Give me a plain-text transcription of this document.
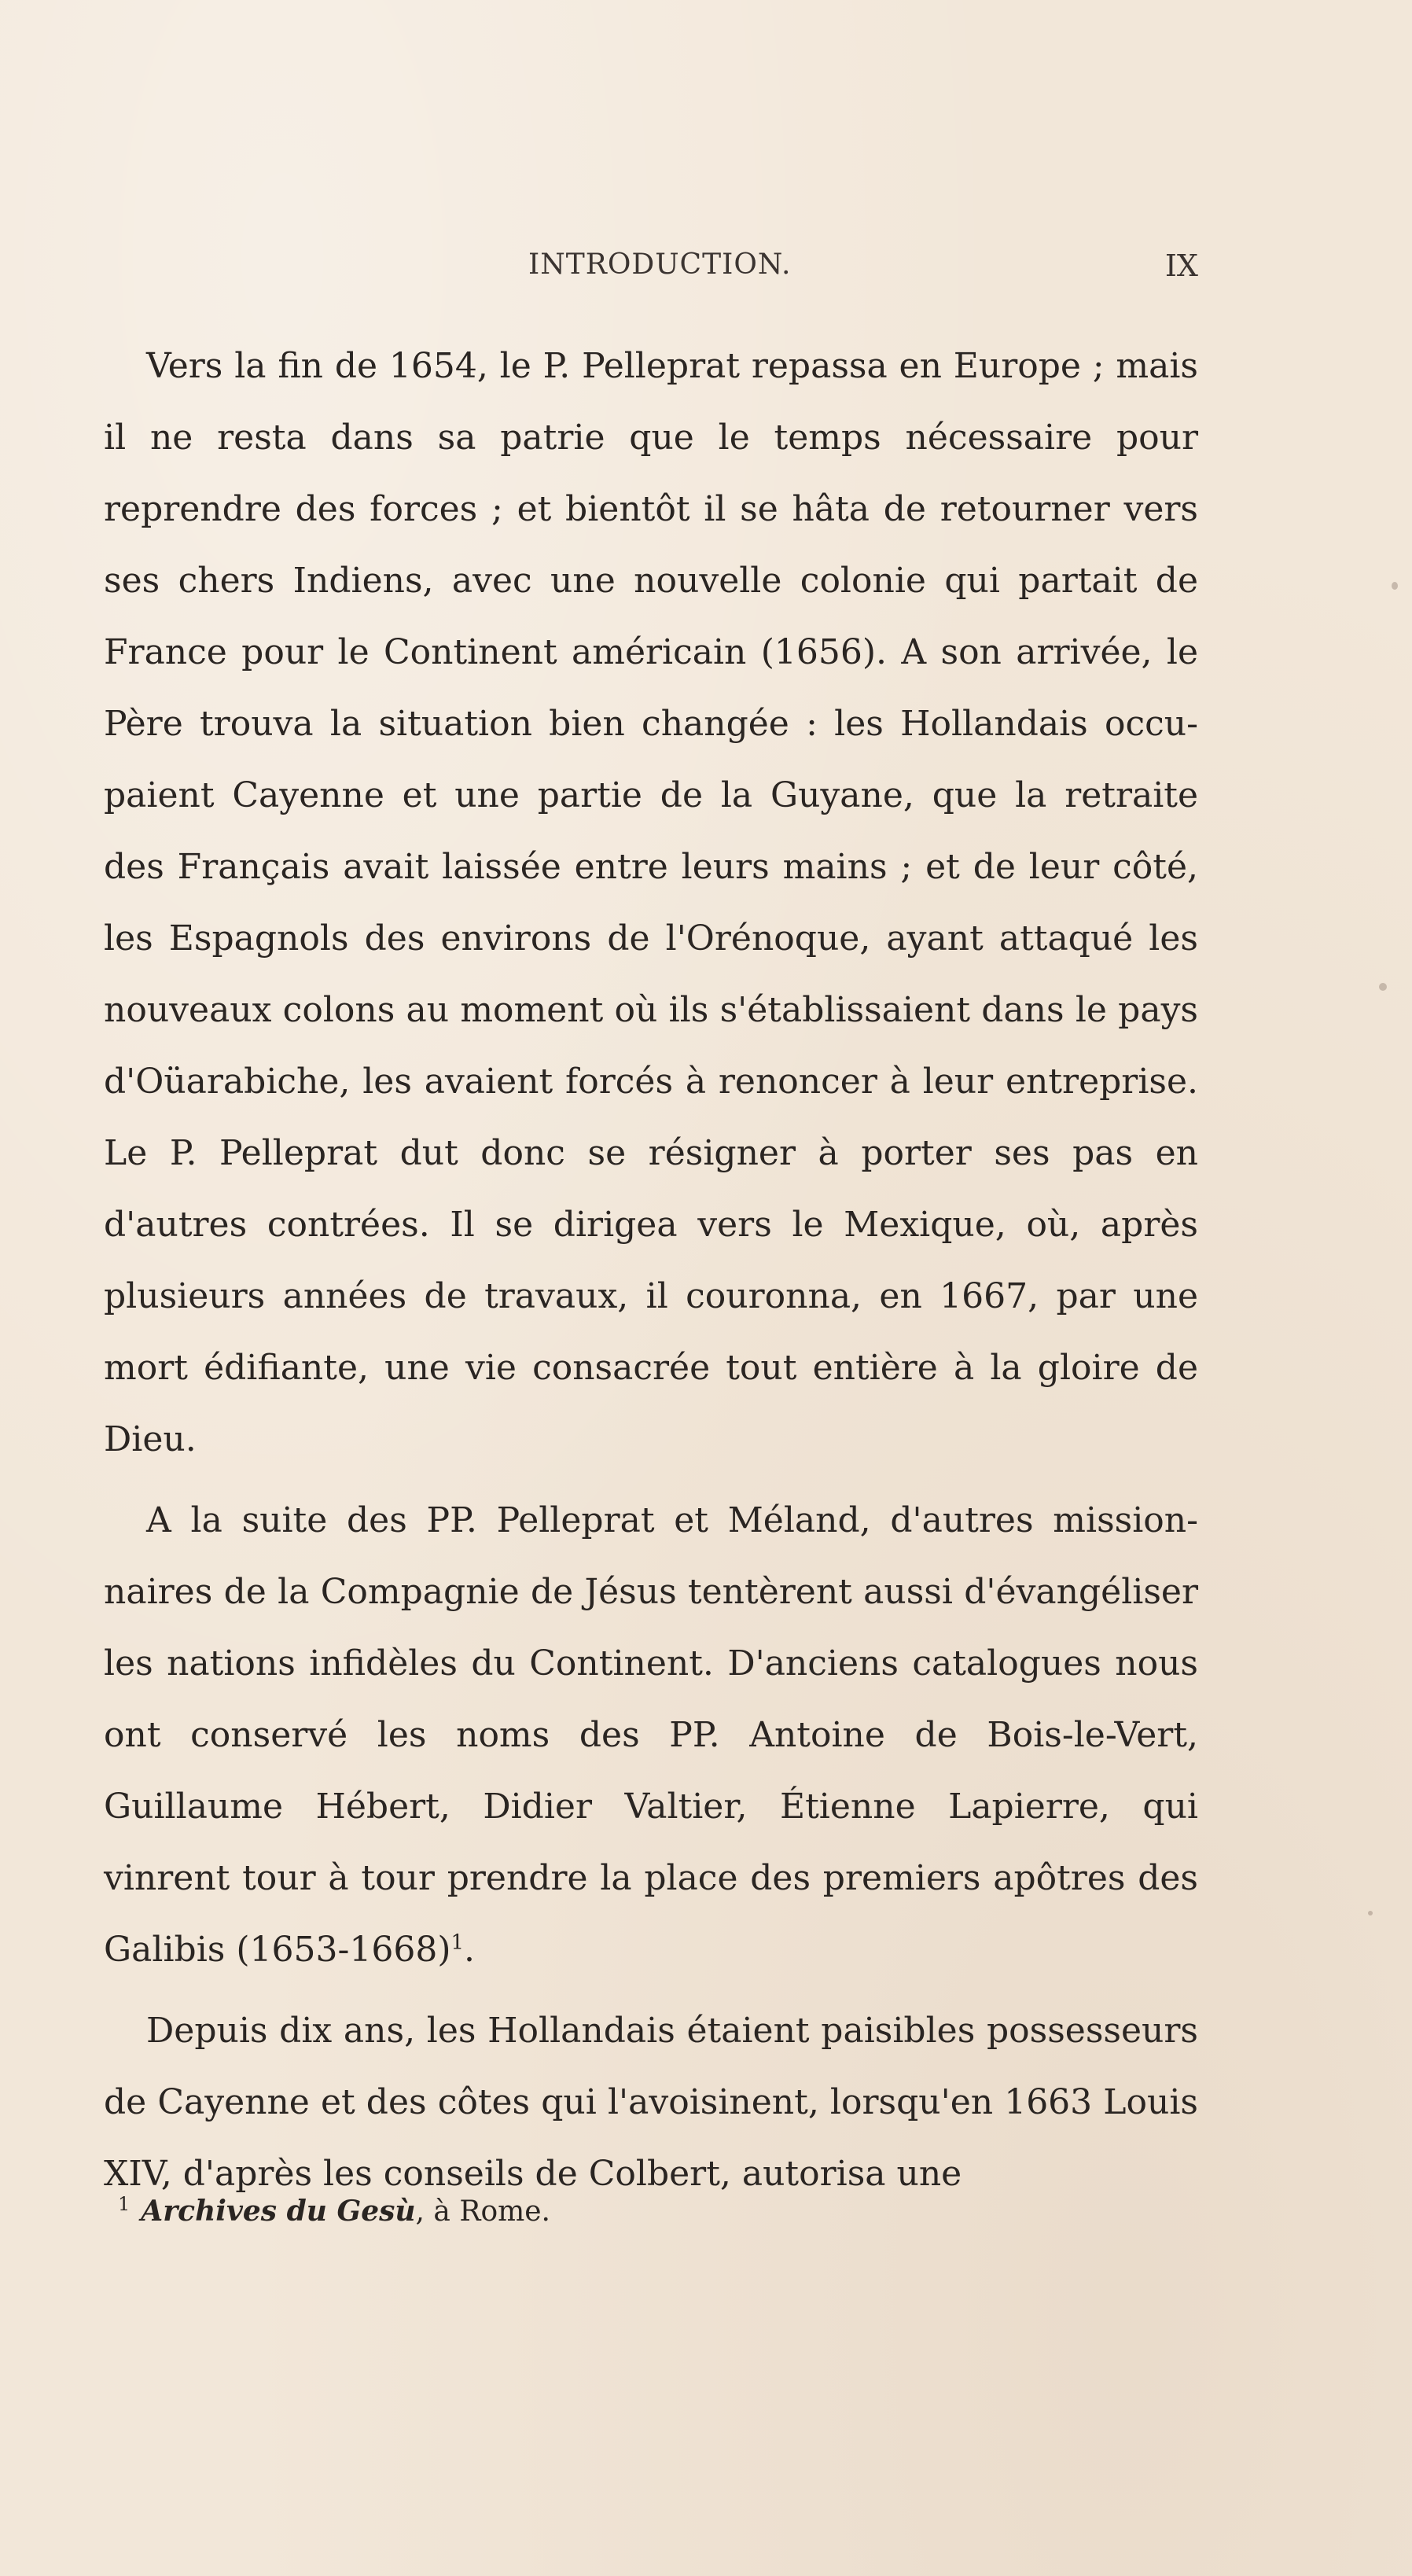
INTRODUCTION.	IX

Vers la fin de 1654, le P. Pelleprat repassa en Europe ; mais il ne resta dans sa patrie que le temps nécessaire pour reprendre des forces ; et bientôt il se hâta de retourner vers ses chers Indiens, avec une nouvelle colonie qui partait de France pour le Continent américain (1656). A son arrivée, le Père trouva la situation bien changée : les Hollandais occupaient Cayenne et une partie de la Guyane, que la retraite des Français avait laissée entre leurs mains ; et de leur côté, les Espagnols des environs de l'Orénoque, ayant attaqué les nouveaux colons au moment où ils s'établissaient dans le pays d'Oüarabiche, les avaient forcés à renoncer à leur entreprise. Le P. Pelleprat dut donc se résigner à porter ses pas en d'autres contrées. Il se dirigea vers le Mexique, où, après plusieurs années de travaux, il couronna, en 1667, par une mort édifiante, une vie consacrée tout entière à la gloire de Dieu.

A la suite des PP. Pelleprat et Méland, d'autres missionnaires de la Compagnie de Jésus tentèrent aussi d'évangéliser les nations infidèles du Continent. D'anciens catalogues nous ont conservé les noms des PP. Antoine de Bois-le-Vert, Guillaume Hébert, Didier Valtier, Étienne Lapierre, qui vinrent tour à tour prendre la place des premiers apôtres des Galibis (1653-1668)$^1$.

Depuis dix ans, les Hollandais étaient paisibles possesseurs de Cayenne et des côtes qui l'avoisinent, lorsqu'en 1663 Louis XIV, d'après les conseils de Colbert, autorisa une

$^1$ Archives du Gesù, à Rome.
